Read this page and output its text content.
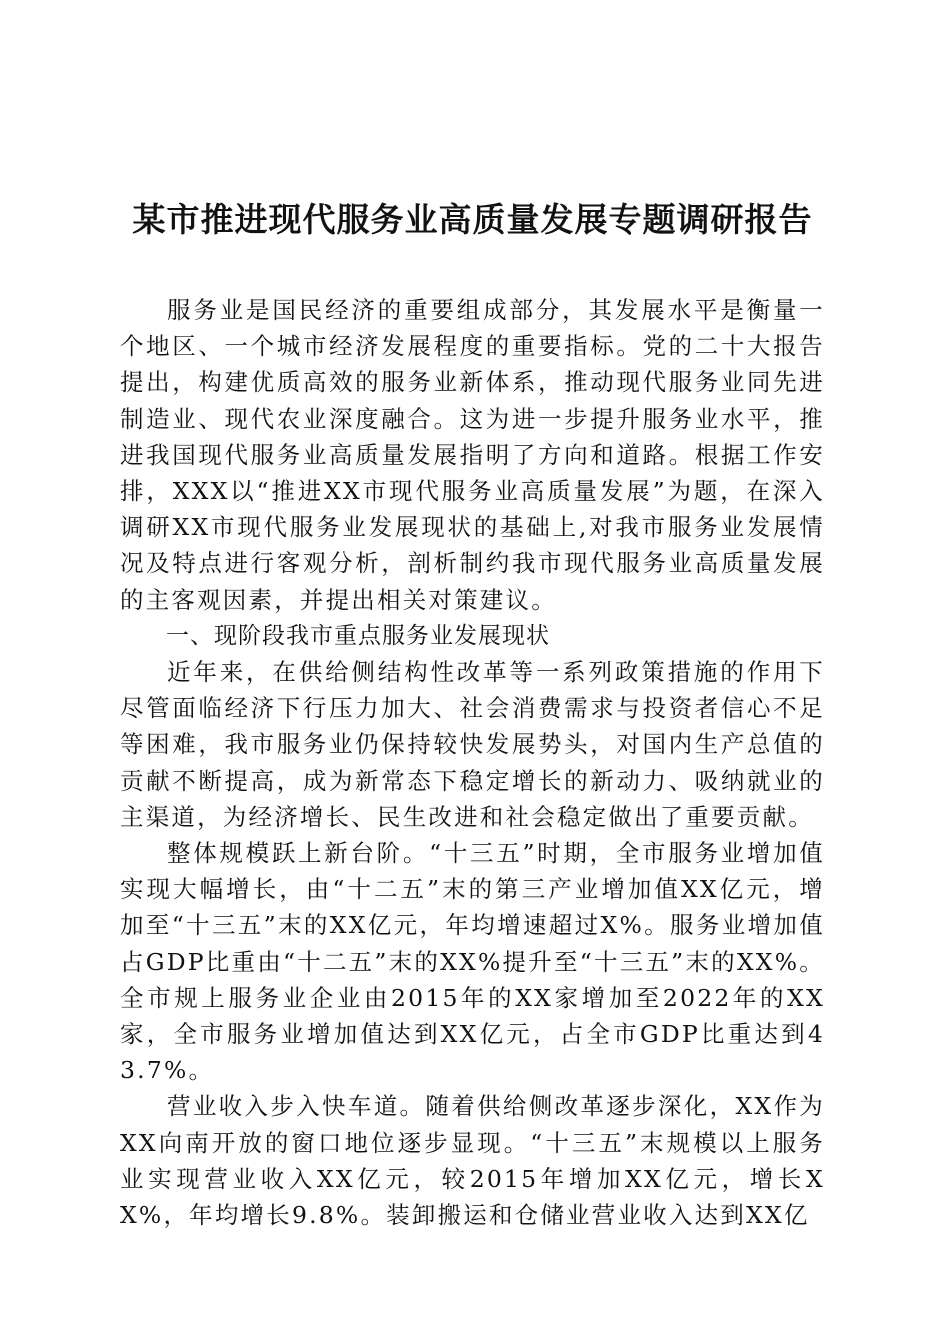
某市推进现代服务业高质量发展专题调研报告

服务业是国民经济的重要组成部分，其发展水平是衡量一个地区、一个城市经济发展程度的重要指标。党的二十大报告提出，构建优质高效的服务业新体系，推动现代服务业同先进制造业、现代农业深度融合。这为进一步提升服务业水平，推进我国现代服务业高质量发展指明了方向和道路。根据工作安排，XXX以“推进XX市现代服务业高质量发展”为题，在深入调研XX市现代服务业发展现状的基础上,对我市服务业发展情况及特点进行客观分析，剖析制约我市现代服务业高质量发展的主客观因素，并提出相关对策建议。

一、现阶段我市重点服务业发展现状

近年来，在供给侧结构性改革等一系列政策措施的作用下尽管面临经济下行压力加大、社会消费需求与投资者信心不足等困难，我市服务业仍保持较快发展势头，对国内生产总值的贡献不断提高，成为新常态下稳定增长的新动力、吸纳就业的主渠道，为经济增长、民生改进和社会稳定做出了重要贡献。

整体规模跃上新台阶。“十三五”时期，全市服务业增加值实现大幅增长，由“十二五”末的第三产业增加值XX亿元，增加至“十三五”末的XX亿元，年均增速超过X%。服务业增加值占GDP比重由“十二五”末的XX%提升至“十三五”末的XX%。全市规上服务业企业由2015年的XX家增加至2022年的XX家，全市服务业增加值达到XX亿元，占全市GDP比重达到43.7%。

营业收入步入快车道。随着供给侧改革逐步深化，XX作为XX向南开放的窗口地位逐步显现。“十三五”末规模以上服务业实现营业收入XX亿元，较2015年增加XX亿元，增长XX%，年均增长9.8%。装卸搬运和仓储业营业收入达到XX亿
